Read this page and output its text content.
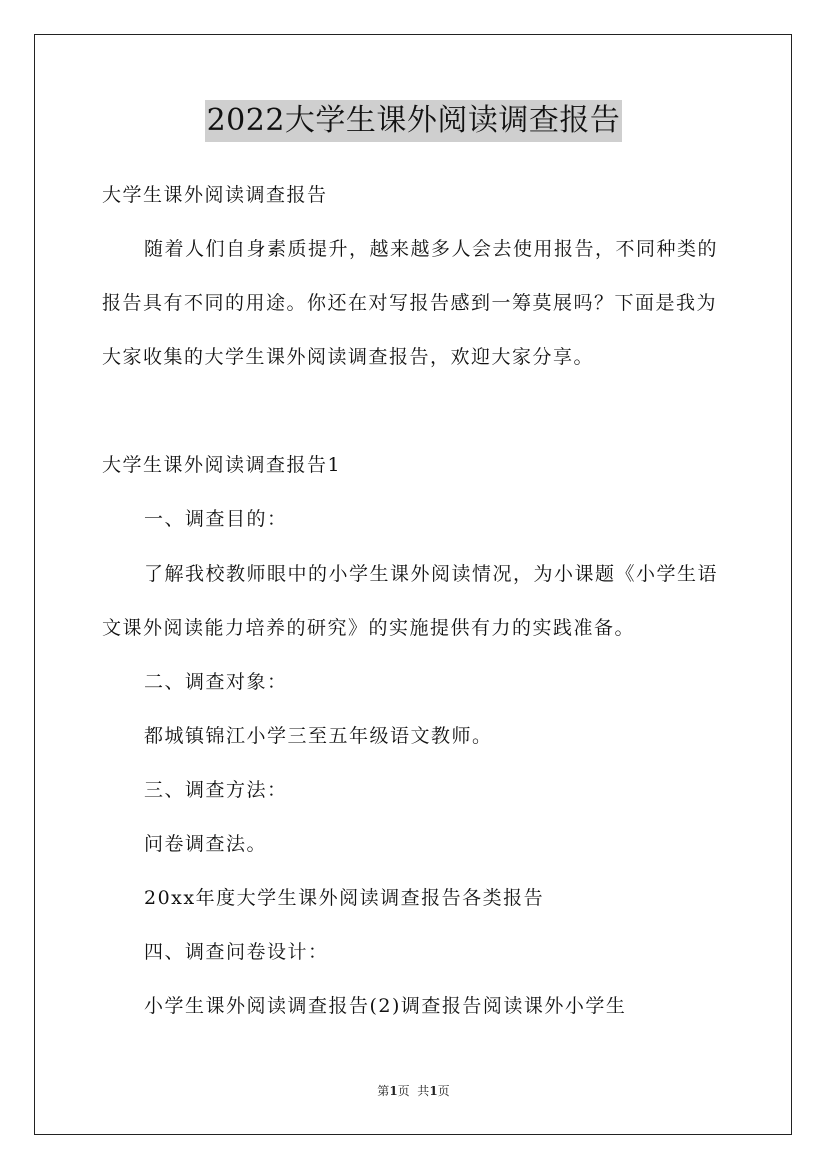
2022大学生课外阅读调查报告
大学生课外阅读调查报告
随着人们自身素质提升，越来越多人会去使用报告，不同种类的
报告具有不同的用途。你还在对写报告感到一筹莫展吗？下面是我为
大家收集的大学生课外阅读调查报告，欢迎大家分享。
大学生课外阅读调查报告1
一、调查目的：
了解我校教师眼中的小学生课外阅读情况，为小课题《小学生语
文课外阅读能力培养的研究》的实施提供有力的实践准备。
二、调查对象：
都城镇锦江小学三至五年级语文教师。
三、调查方法：
问卷调查法。
20xx年度大学生课外阅读调查报告各类报告
四、调查问卷设计：
小学生课外阅读调查报告(2)调查报告阅读课外小学生
第1页  共1页
